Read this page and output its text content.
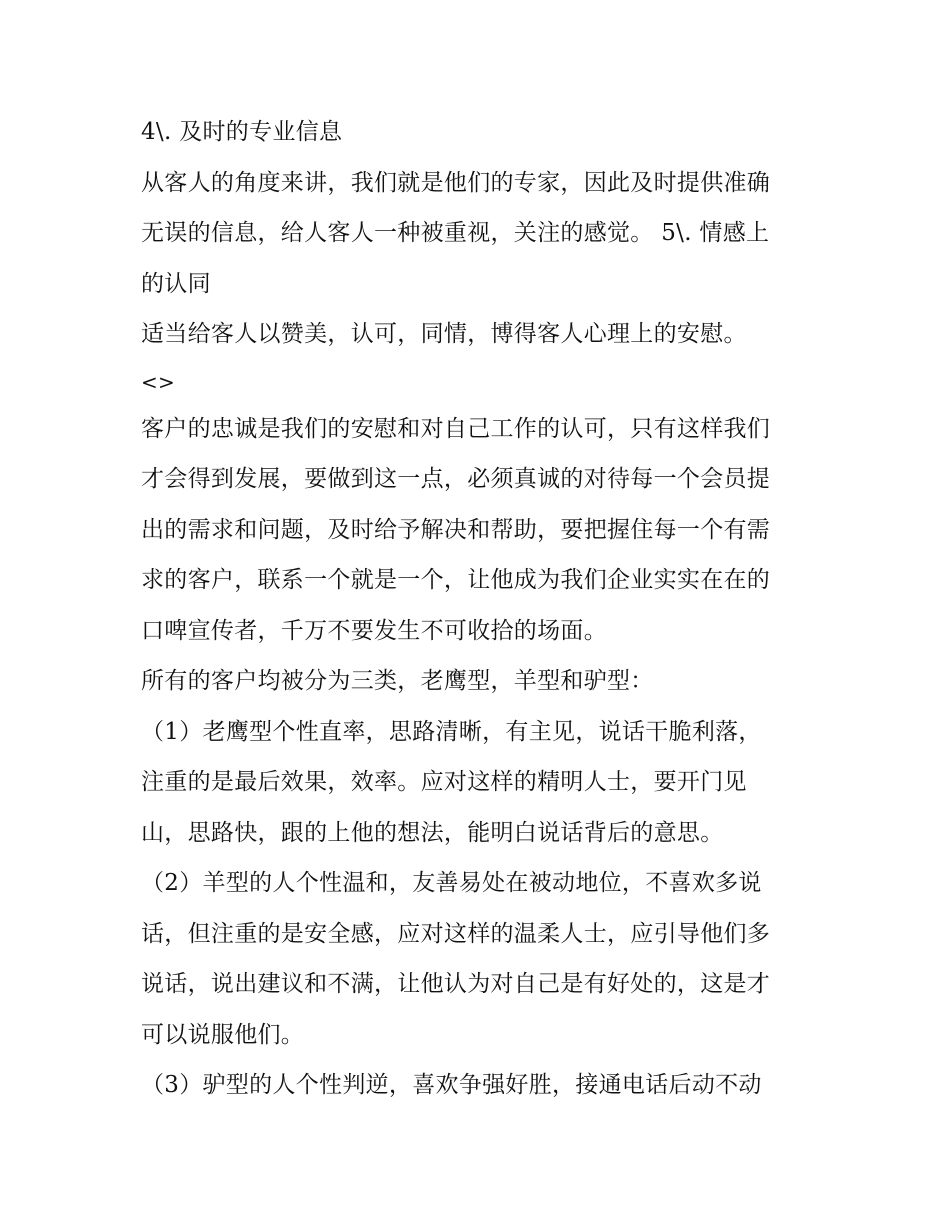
4\. 及时的专业信息
从客人的角度来讲，我们就是他们的专家，因此及时提供准确
无误的信息，给人客人一种被重视，关注的感觉。 5\. 情感上
的认同
适当给客人以赞美，认可，同情，博得客人心理上的安慰。
<>
客户的忠诚是我们的安慰和对自己工作的认可，只有这样我们
才会得到发展，要做到这一点，必须真诚的对待每一个会员提
出的需求和问题，及时给予解决和帮助，要把握住每一个有需
求的客户，联系一个就是一个，让他成为我们企业实实在在的
口啤宣传者，千万不要发生不可收拾的场面。
所有的客户均被分为三类，老鹰型，羊型和驴型：
（1）老鹰型个性直率，思路清晰，有主见，说话干脆利落，
注重的是最后效果，效率。应对这样的精明人士，要开门见
山，思路快，跟的上他的想法，能明白说话背后的意思。
（2）羊型的人个性温和，友善易处在被动地位，不喜欢多说
话，但注重的是安全感，应对这样的温柔人士，应引导他们多
说话，说出建议和不满，让他认为对自己是有好处的，这是才
可以说服他们。
（3）驴型的人个性判逆，喜欢争强好胜，接通电话后动不动
